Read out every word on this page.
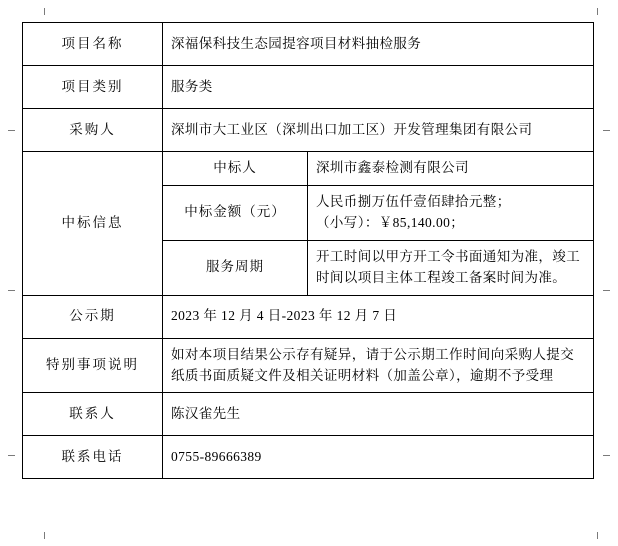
项目名称	深福保科技生态园提容项目材料抽检服务	
项目类别	服务类	
采购人	深圳市大工业区（深圳出口加工区）开发管理集团有限公司	
中标信息	中标人	深圳市鑫泰检测有限公司
	中标金额（元）	人民币捌万伍仟壹佰肆拾元整；
（小写）：￥85,140.00；

	服务周期	开工时间以甲方开工令书面通知为准，竣工时间以项目主体工程竣工备案时间为准。
公示期	2023 年 12 月 4 日-2023 年 12 月 7 日	
特别事项说明	如对本项目结果公示存有疑异，请于公示期工作时间向采购人提交纸质书面质疑文件及相关证明材料（加盖公章），逾期不予受理	
联系人	陈汉雀先生	
联系电话	0755-89666389	
